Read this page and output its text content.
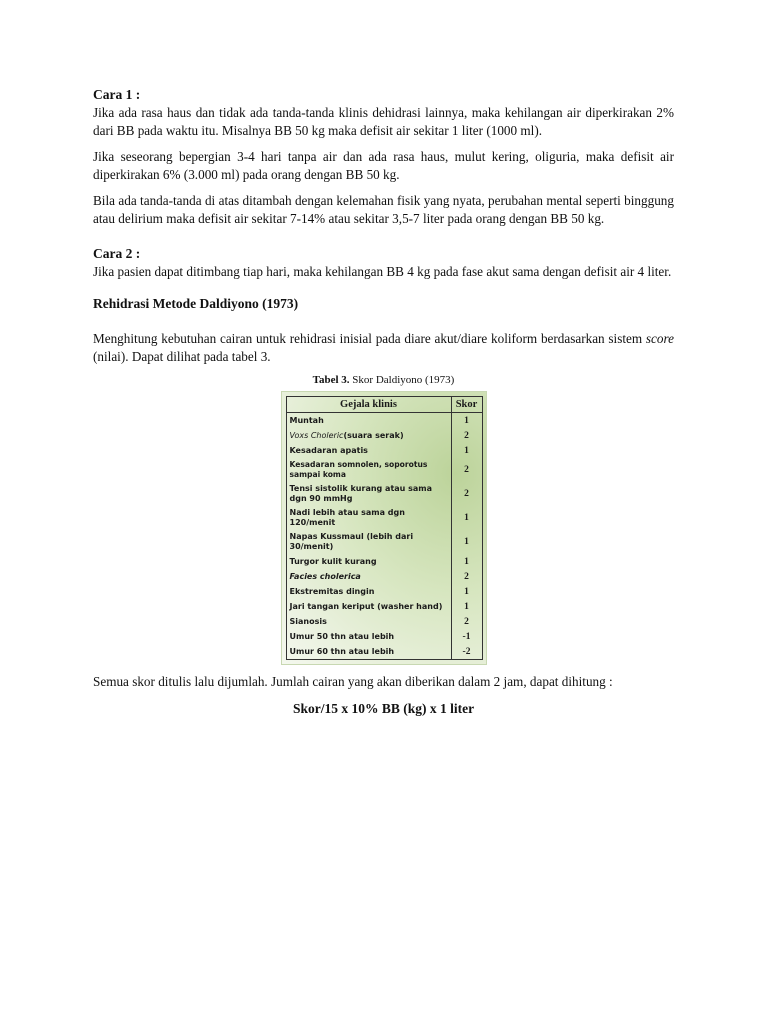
Cara 1 :

Jika ada rasa haus dan tidak ada tanda-tanda klinis dehidrasi lainnya, maka kehilangan air diperkirakan 2% dari BB pada waktu itu. Misalnya BB 50 kg maka defisit air sekitar 1 liter (1000 ml).

Jika seseorang bepergian 3-4 hari tanpa air dan ada rasa haus, mulut kering, oliguria, maka defisit air diperkirakan 6% (3.000 ml) pada orang dengan BB 50 kg.

Bila ada tanda-tanda di atas ditambah dengan kelemahan fisik yang nyata, perubahan mental seperti binggung atau delirium maka defisit air sekitar 7-14% atau sekitar 3,5-7 liter pada orang dengan BB 50 kg.

Cara 2 :

Jika pasien dapat ditimbang tiap hari, maka kehilangan BB 4 kg pada fase akut sama dengan defisit air 4 liter.

Rehidrasi Metode Daldiyono (1973)

Menghitung kebutuhan cairan untuk rehidrasi inisial pada diare akut/diare koliform berdasarkan sistem score (nilai). Dapat dilihat pada tabel 3.

Tabel 3. Skor Daldiyono (1973)
Gejala klinis	Skor
Muntah	1
Voxs Choleric(suara serak)	2
Kesadaran apatis	1
Kesadaran somnolen, soporotus sampai koma	2
Tensi sistolik kurang atau sama dgn 90 mmHg	2
Nadi lebih atau sama dgn 120/menit	1
Napas Kussmaul (lebih dari 30/menit)	1
Turgor kulit kurang	1
Facies cholerica	2
Ekstremitas dingin	1
Jari tangan keriput (washer hand)	1
Sianosis	2
Umur 50 thn atau lebih	-1
Umur 60 thn atau lebih	-2

Semua skor ditulis lalu dijumlah. Jumlah cairan yang akan diberikan dalam 2 jam, dapat dihitung :

Skor/15 x 10% BB (kg) x 1 liter
